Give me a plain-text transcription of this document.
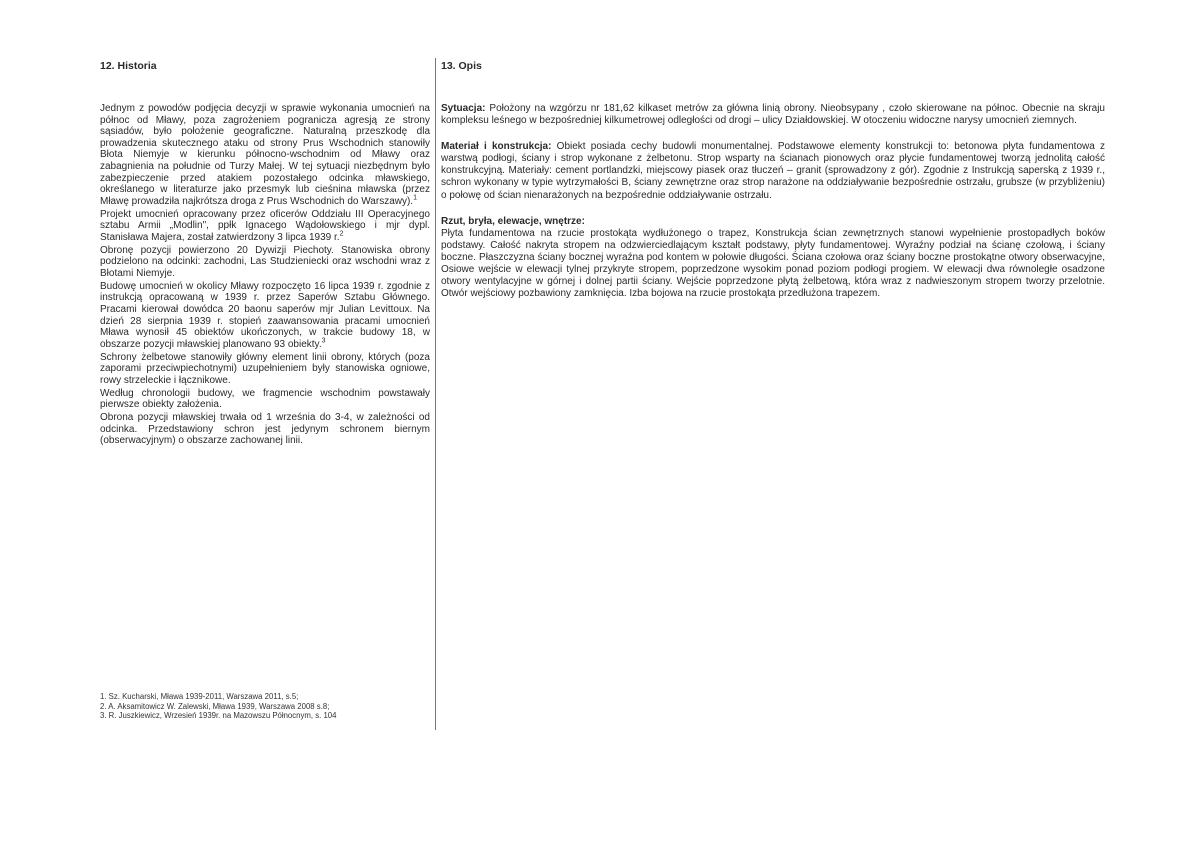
12. Historia

Jednym z powodów podjęcia decyzji w sprawie wykonania umocnień na północ od Mławy, poza zagrożeniem pogranicza agresją ze strony sąsiadów, było położenie geograficzne. Naturalną przeszkodę dla prowadzenia skutecznego ataku od strony Prus Wschodnich stanowiły Błota Niemyje w kierunku północno-wschodnim od Mławy oraz zabagnienia na południe od Turzy Małej. W tej sytuacji niezbędnym było zabezpieczenie przed atakiem pozostałego odcinka mławskiego, określanego w literaturze jako przesmyk lub cieśnina mławska (przez Mławę prowadziła najkrótsza droga z Prus Wschodnich do Warszawy).$^1$

Projekt umocnień opracowany przez oficerów Oddziału III Operacyjnego sztabu Armii „Modlin", ppłk Ignacego Wądołowskiego i mjr dypl. Stanisława Majera, został zatwierdzony 3 lipca 1939 r.$^2$

Obronę pozycji powierzono 20 Dywizji Piechoty. Stanowiska obrony podzielono na odcinki: zachodni, Las Studzieniecki oraz wschodni wraz z Błotami Niemyje.

Budowę umocnień w okolicy Mławy rozpoczęto 16 lipca 1939 r. zgodnie z instrukcją opracowaną w 1939 r. przez Saperów Sztabu Głównego. Pracami kierował dowódca 20 baonu saperów mjr Julian Levittoux. Na dzień 28 sierpnia 1939 r. stopień zaawansowania pracami umocnień Mława wynosił 45 obiektów ukończonych, w trakcie budowy 18, w obszarze pozycji mławskiej planowano 93 obiekty.$^3$

Schrony żelbetowe stanowiły główny element linii obrony, których (poza zaporami przeciwpiechotnymi) uzupełnieniem były stanowiska ogniowe, rowy strzeleckie i łącznikowe.

Według chronologii budowy, we fragmencie wschodnim powstawały pierwsze obiekty założenia.

Obrona pozycji mławskiej trwała od 1 września do 3-4, w zależności od odcinka. Przedstawiony schron jest jedynym schronem biernym (obserwacyjnym) o obszarze zachowanej linii.

1. Sz. Kucharski, Mława 1939-2011, Warszawa 2011, s.5;
2. A. Aksamitowicz W. Zalewski, Mława 1939, Warszawa 2008 s.8;
3. R. Juszkiewicz, Wrzesień 1939r. na Mazowszu Północnym, s. 104
13. Opis

Sytuacja: Położony na wzgórzu nr 181,62 kilkaset metrów za główna linią obrony. Nieobsypany , czoło skierowane na północ. Obecnie na skraju kompleksu leśnego w bezpośredniej kilkumetrowej odległości od drogi – ulicy Działdowskiej. W otoczeniu widoczne narysy umocnień ziemnych.

Materiał i konstrukcja: Obiekt posiada cechy budowli monumentalnej. Podstawowe elementy konstrukcji to: betonowa płyta fundamentowa z warstwą podłogi, ściany i strop wykonane z żelbetonu. Strop wsparty na ścianach pionowych oraz płycie fundamentowej tworzą jednolitą całość konstrukcyjną. Materiały: cement portlandzki, miejscowy piasek oraz tłuczeń – granit (sprowadzony z gór). Zgodnie z Instrukcją saperską z 1939 r., schron wykonany w typie wytrzymałości B, ściany zewnętrzne oraz strop narażone na oddziaływanie bezpośrednie ostrzału, grubsze (w przybliżeniu) o połowę od ścian nienarażonych na bezpośrednie oddziaływanie ostrzału.

Rzut, bryła, elewacje, wnętrze:
Płyta fundamentowa na rzucie prostokąta wydłużonego o trapez, Konstrukcja ścian zewnętrznych stanowi wypełnienie prostopadłych boków podstawy. Całość nakryta stropem na odzwierciedlającym kształt podstawy, płyty fundamentowej. Wyraźny podział na ścianę czołową, i ściany boczne. Płaszczyzna ściany bocznej wyraźna pod kontem w połowie długości. Ściana czołowa oraz ściany boczne prostokątne otwory obserwacyjne, Osiowe wejście w elewacji tylnej przykryte stropem, poprzedzone wysokim ponad poziom podłogi progiem. W elewacji dwa równoległe osadzone otwory wentylacyjne w górnej i dolnej partii ściany. Wejście poprzedzone płytą żelbetową, która wraz z nadwieszonym stropem tworzy przelotnie. Otwór wejściowy pozbawiony zamknięcia. Izba bojowa na rzucie prostokąta przedłużona trapezem.
